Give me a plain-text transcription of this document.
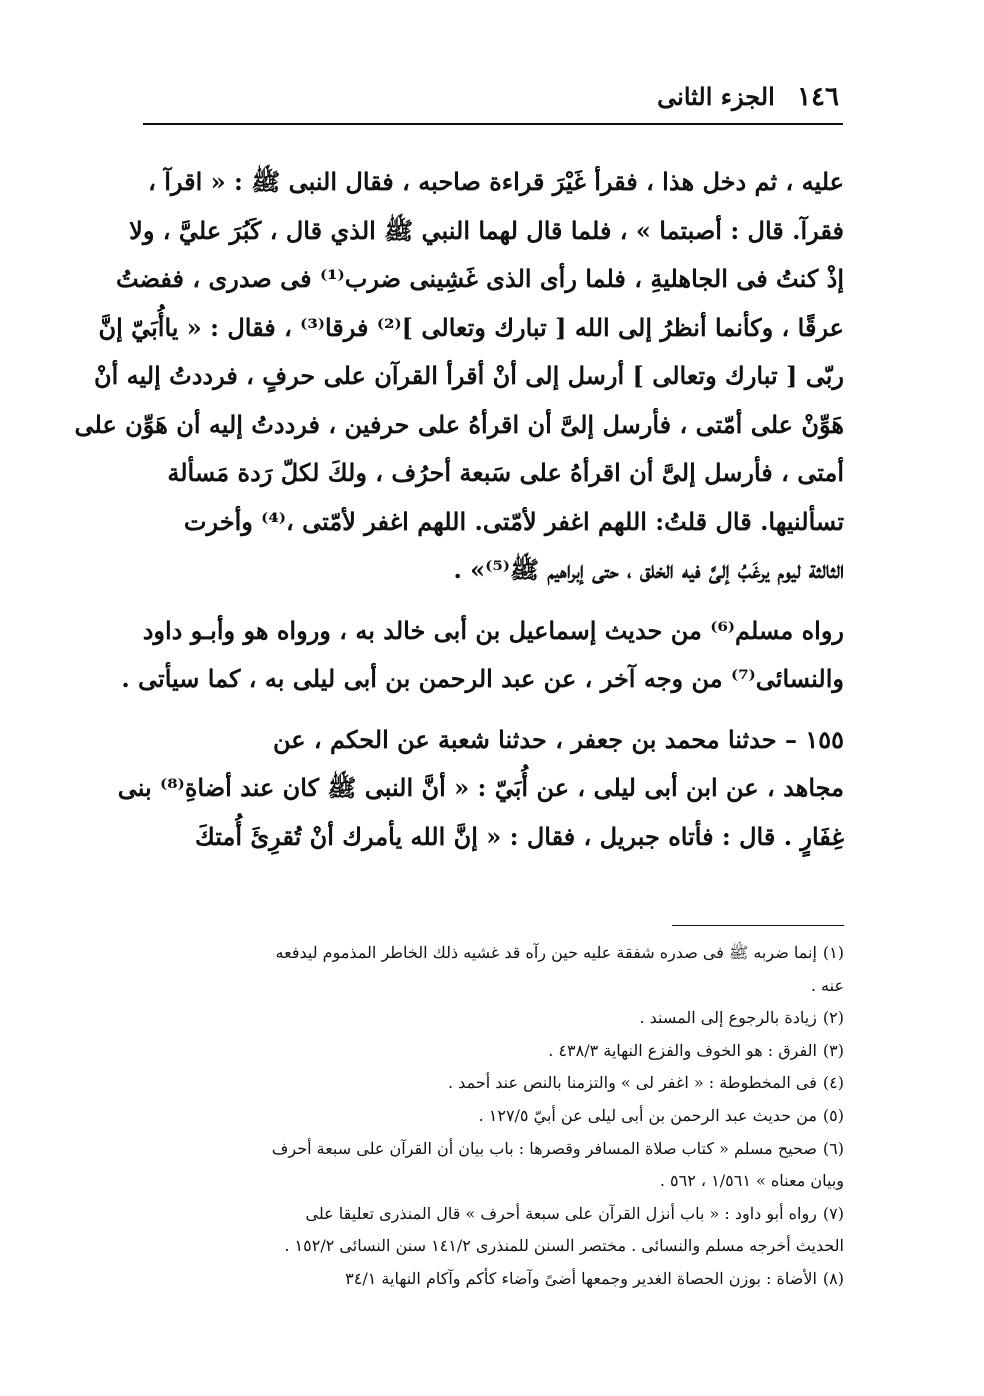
١٤٦ الجزء الثانى
عليه ، ثم دخل هذا ، فقرأ غَيْرَ قراءة صاحبه ، فقال النبى ﷺ : « اقرآ ،
فقرآ. قال : أصبتما » ، فلما قال لهما النبي ﷺ الذي قال ، كَبُرَ عليَّ ، ولا
إذْ كنتُ فى الجاهليةِ ، فلما رأى الذى غَشِينى ضرب⁽¹⁾ فى صدرى ، ففضتُ
عرقًا ، وكأنما أنظرُ إلى الله [ تبارك وتعالى ]⁽²⁾ فرقا⁽³⁾ ، فقال : « ياأُبَيّ إنَّ
ربّى [ تبارك وتعالى ] أرسل إلى أنْ أقرأ القرآن على حرفٍ ، فرددتُ إليه أنْ
هَوِّنْ على أمّتى ، فأرسل إلىَّ أن اقرأهُ على حرفين ، فرددتُ إليه أن هَوِّن على
أمتى ، فأرسل إلىَّ أن اقرأهُ على سَبعة أحرُف ، ولكَ لكلّ رَدة مَسألة
تسألنيها. قال قلتُ: اللهم اغفر لأمّتى. اللهم اغفر لأمّتى ،⁽⁴⁾ وأخرت
الثالثة ليوم يرغَبُ إلىَّ فيه الخلق ، حتى إبراهيم ﷺ⁽⁵⁾» .
رواه مسلم⁽⁶⁾ من حديث إسماعيل بن أبى خالد به ، ورواه هو وأبـو داود
والنسائى⁽⁷⁾ من وجه آخر ، عن عبد الرحمن بن أبى ليلى به ، كما سيأتى .
١٥٥ – حدثنا محمد بن جعفر ، حدثنا شعبة عن الحكم ، عن
مجاهد ، عن ابن أبى ليلى ، عن أُبَيّ : « أنَّ النبى ﷺ كان عند أضاةِ⁽⁸⁾ بنى
غِفَارٍ . قال : فأتاه جبريل ، فقال : « إنَّ الله يأمرك أنْ تُقرِئَ أُمتكَ
(١)إنما ضربه ﷺ فى صدره شفقة عليه حين رآه قد غشيه ذلك الخاطر المذموم ليدفعه
عنه .
(٢)زيادة بالرجوع إلى المسند .
(٣)الفرق : هو الخوف والفزع النهاية ٤٣٨/٣ .
(٤)فى المخطوطة : « اغفر لى » والتزمنا بالنص عند أحمد .
(٥)من حديث عبد الرحمن بن أبى ليلى عن أبيّ ١٢٧/٥ .
(٦)صحيح مسلم « كتاب صلاة المسافر وقصرها : باب بيان أن القرآن على سبعة أحرف
وبيان معناه » ١/٥٦١ ، ٥٦٢ .
(٧)رواه أبو داود : « باب أنزل القرآن على سبعة أحرف » قال المنذرى تعليقا على
الحديث أخرجه مسلم والنسائى . مختصر السنن للمنذرى ١٤١/٢ سنن النسائى ١٥٢/٢ .
(٨)الأضاة : بوزن الحصاة الغدير وجمعها أضىً وآضاء كأكم وآكام النهاية ٣٤/١
